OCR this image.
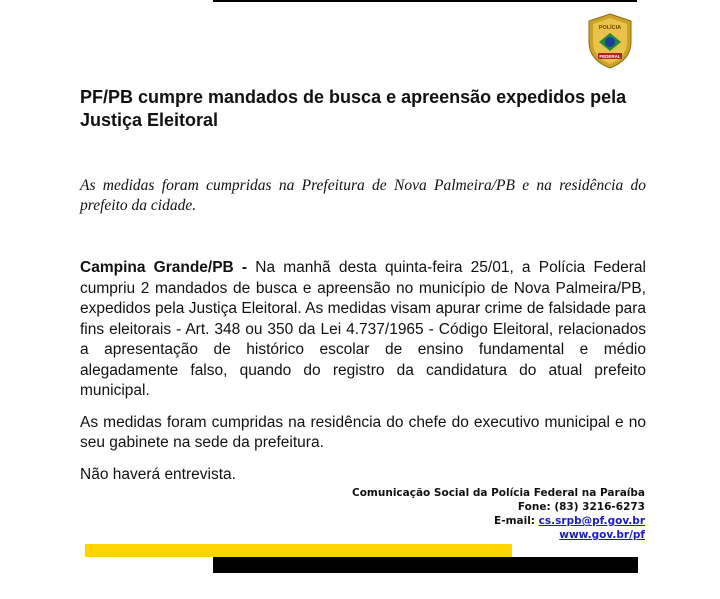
POLÍCIA
FEDERAL
PF/PB cumpre mandados de busca e apreensão expedidos pela Justiça Eleitoral

As medidas foram cumpridas na Prefeitura de Nova Palmeira/PB e na residência do prefeito da cidade.

Campina Grande/PB - Na manhã desta quinta-feira 25/01, a Polícia Federal cumpriu 2 mandados de busca e apreensão no município de Nova Palmeira/PB, expedidos pela Justiça Eleitoral. As medidas visam apurar crime de falsidade para fins eleitorais - Art. 348 ou 350 da Lei 4.737/1965 - Código Eleitoral, relacionados a apresentação de histórico escolar de ensino fundamental e médio alegadamente falso, quando do registro da candidatura do atual prefeito municipal.

As medidas foram cumpridas na residência do chefe do executivo municipal e no seu gabinete na sede da prefeitura.

Não haverá entrevista.

Comunicação Social da Polícia Federal na Paraíba
Fone: (83) 3216-6273
E-mail: cs.srpb@pf.gov.br
www.gov.br/pf
